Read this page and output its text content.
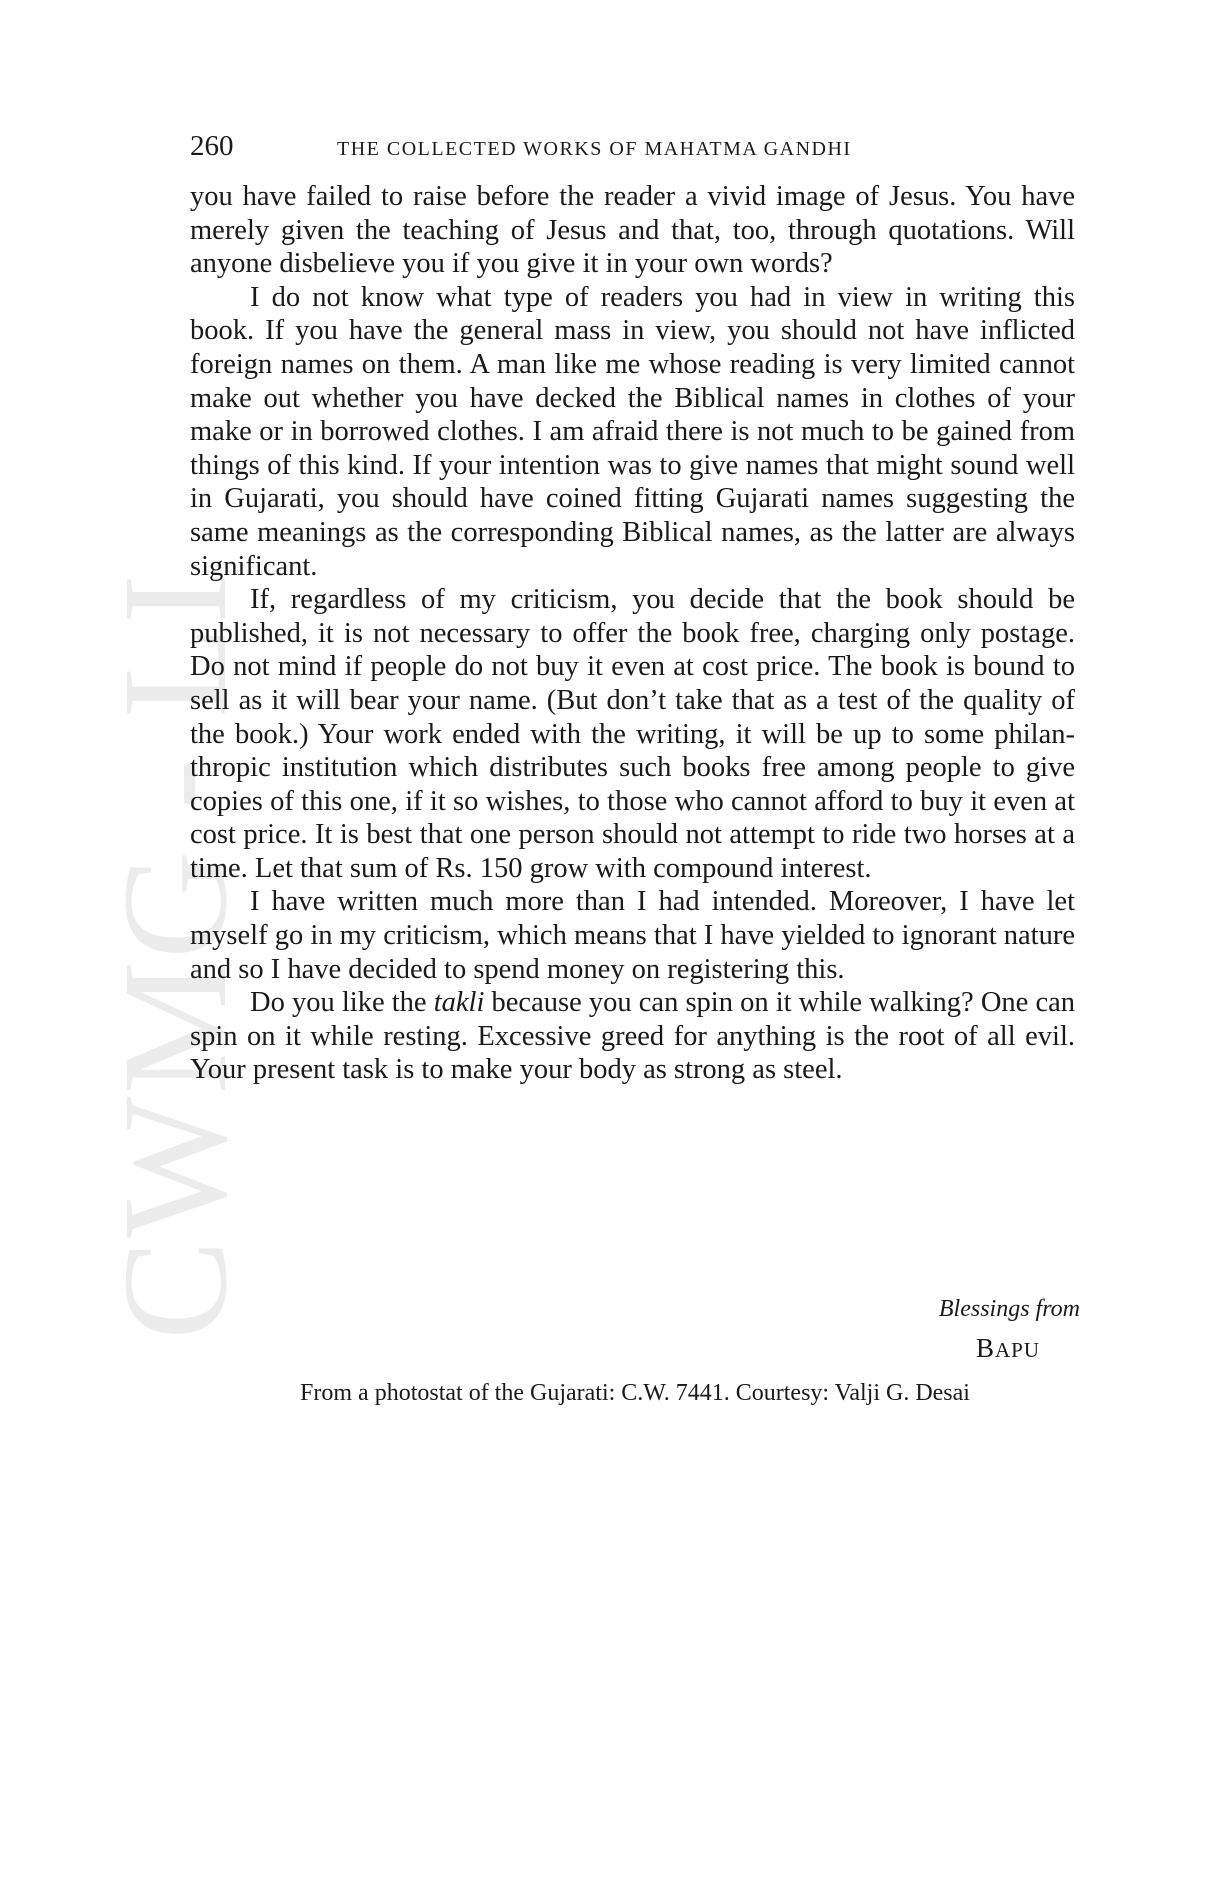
CWMG - LI
260	THE COLLECTED WORKS OF MAHATMA GANDHI

you have failed to raise before the reader a vivid image of Jesus. You have merely given the teaching of Jesus and that, too, through quotations. Will anyone disbelieve you if you give it in your own words?

I do not know what type of readers you had in view in writing this book. If you have the general mass in view, you should not have inflicted foreign names on them. A man like me whose reading is very limited cannot make out whether you have decked the Biblical names in clothes of your make or in borrowed clothes. I am afraid there is not much to be gained from things of this kind. If your intention was to give names that might sound well in Gujarati, you should have coined fitting Gujarati names suggesting the same meanings as the corresponding Biblical names, as the latter are always significant.

If, regardless of my criticism, you decide that the book should be published, it is not necessary to offer the book free, charging only postage. Do not mind if people do not buy it even at cost price. The book is bound to sell as it will bear your name. (But don’t take that as a test of the quality of the book.) Your work ended with the writing, it will be up to some philanthropic institution which distributes such books free among people to give copies of this one, if it so wishes, to those who cannot afford to buy it even at cost price. It is best that one person should not attempt to ride two horses at a time. Let that sum of Rs. 150 grow with compound interest.

I have written much more than I had intended. Moreover, I have let myself go in my criticism, which means that I have yielded to ignorant nature and so I have decided to spend money on registering this.

Do you like the takli because you can spin on it while walking? One can spin on it while resting. Excessive greed for anything is the root of all evil. Your present task is to make your body as strong as steel.

Blessings from
BAPU
From a photostat of the Gujarati: C.W. 7441. Courtesy: Valji G. Desai
